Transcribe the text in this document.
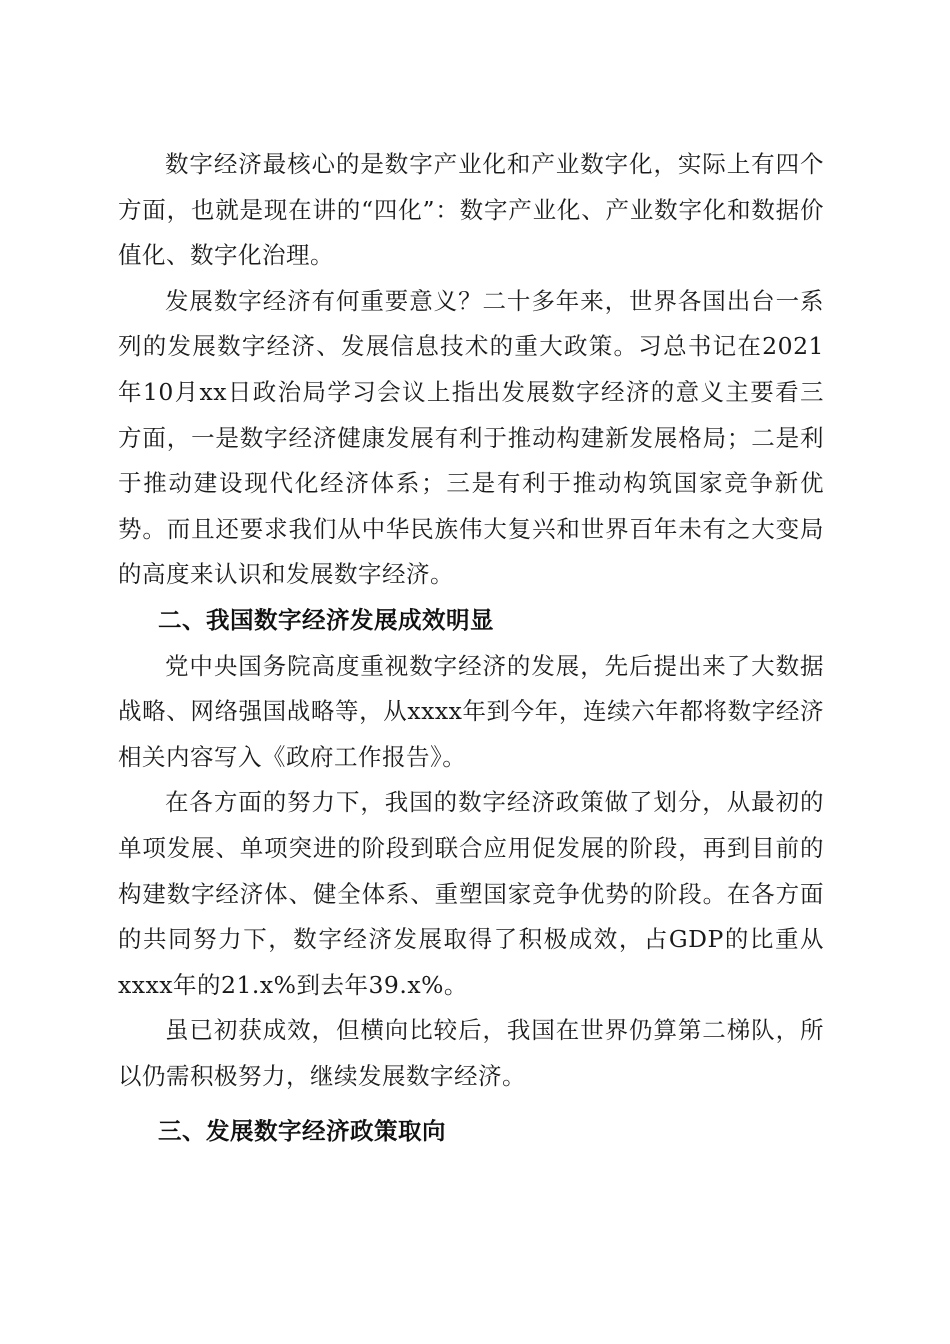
数字经济最核心的是数字产业化和产业数字化，实际上有四个方面，也就是现在讲的“四化”：数字产业化、产业数字化和数据价值化、数字化治理。

发展数字经济有何重要意义？二十多年来，世界各国出台一系列的发展数字经济、发展信息技术的重大政策。习总书记在2021年10月xx日政治局学习会议上指出发展数字经济的意义主要看三方面，一是数字经济健康发展有利于推动构建新发展格局；二是利于推动建设现代化经济体系；三是有利于推动构筑国家竞争新优势。而且还要求我们从中华民族伟大复兴和世界百年未有之大变局的高度来认识和发展数字经济。

二、我国数字经济发展成效明显

党中央国务院高度重视数字经济的发展，先后提出来了大数据战略、网络强国战略等，从xxxx年到今年，连续六年都将数字经济相关内容写入《政府工作报告》。

在各方面的努力下，我国的数字经济政策做了划分，从最初的单项发展、单项突进的阶段到联合应用促发展的阶段，再到目前的构建数字经济体、健全体系、重塑国家竞争优势的阶段。在各方面的共同努力下，数字经济发展取得了积极成效，占GDP的比重从xxxx年的21.x%到去年39.x%。

虽已初获成效，但横向比较后，我国在世界仍算第二梯队，所以仍需积极努力，继续发展数字经济。

三、发展数字经济政策取向
